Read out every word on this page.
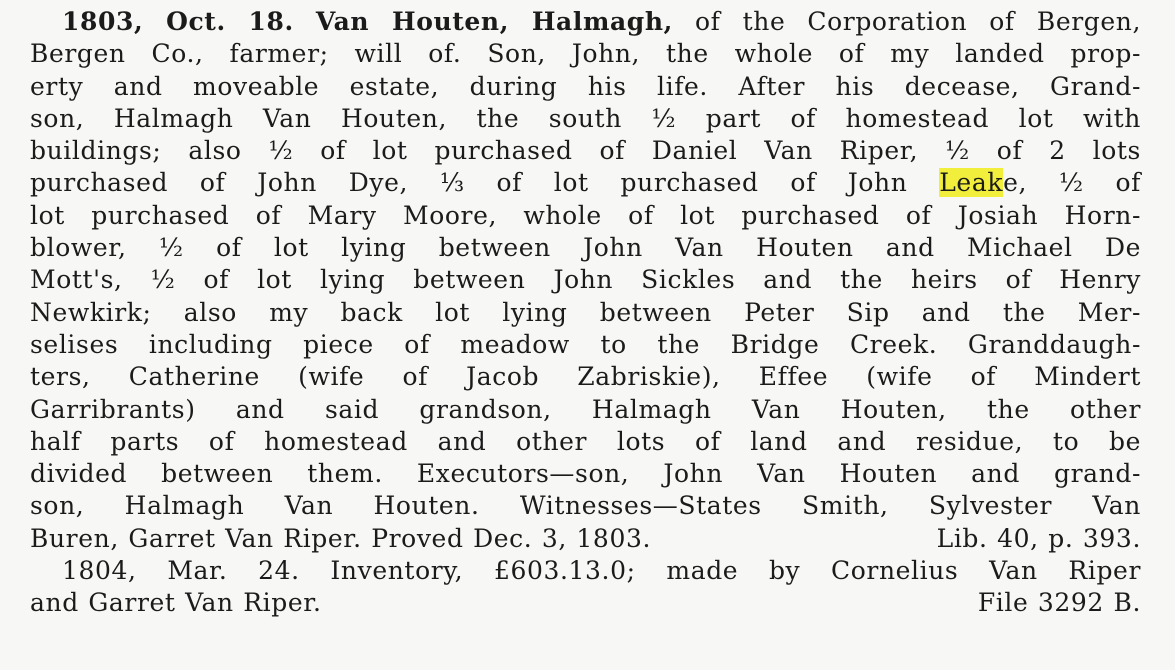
1803, Oct. 18. Van Houten, Halmagh, of the Corporation of Bergen,
Bergen Co., farmer; will of. Son, John, the whole of my landed prop-
erty and moveable estate, during his life. After his decease, Grand-
son, Halmagh Van Houten, the south ½ part of homestead lot with
buildings; also ½ of lot purchased of Daniel Van Riper, ½ of 2 lots
purchased of John Dye, ⅓ of lot purchased of John Leake, ½ of
lot purchased of Mary Moore, whole of lot purchased of Josiah Horn-
blower, ½ of lot lying between John Van Houten and Michael De
Mott's, ½ of lot lying between John Sickles and the heirs of Henry
Newkirk; also my back lot lying between Peter Sip and the Mer-
selises including piece of meadow to the Bridge Creek. Granddaugh-
ters, Catherine (wife of Jacob Zabriskie), Effee (wife of Mindert
Garribrants) and said grandson, Halmagh Van Houten, the other
half parts of homestead and other lots of land and residue, to be
divided between them. Executors—son, John Van Houten and grand-
son, Halmagh Van Houten. Witnesses—States Smith, Sylvester Van
Buren, Garret Van Riper. Proved Dec. 3, 1803.	Lib. 40, p. 393.
1804, Mar. 24. Inventory, £603.13.0; made by Cornelius Van Riper
and Garret Van Riper.	File 3292 B.
